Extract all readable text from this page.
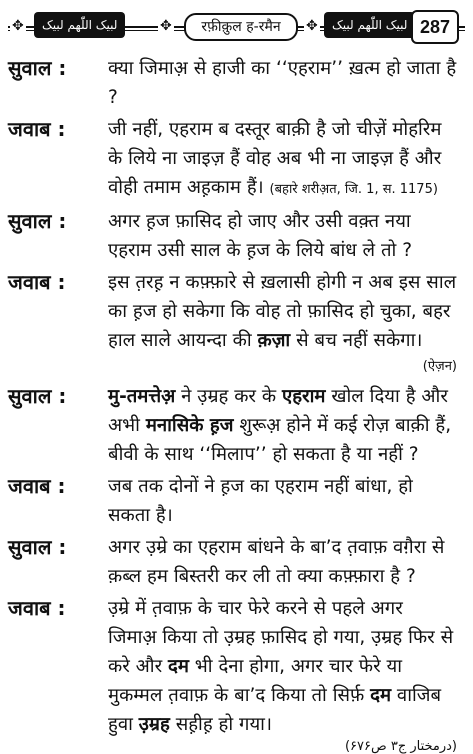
✥	✥	✥
لبیک اللّٰھم لبیک	रफ़ीक़ुल ह-रमैन	لبیک اللّٰھم لبیک 287
सुवाल :	क्या जिमाअ़ से हाजी का ‘‘एहराम’’ ख़त्म हो जाता है ?
जवाब :	जी नहीं, एहराम ब दस्तूर बाक़ी है जो चीज़ें मोहरिम के लिये ना जाइज़ हैं वोह अब भी ना जाइज़ हैं और वोही तमाम अह़काम हैं। (बहारे शरीअ़त, जि. 1, स. 1175)
सुवाल :	अगर ह़ज फ़ासिद हो जाए और उसी वक़्त नया एहराम उसी साल के ह़ज के लिये बांध ले तो ?
जवाब :	इस त़रह़ न कफ़्फ़ारे से ख़लासी होगी न अब इस साल का ह़ज हो सकेगा कि वोह तो फ़ासिद हो चुका, बहर हाल साले आयन्दा की क़ज़ा से बच नहीं सकेगा।
(ऐज़न)
सुवाल :	मु-तमत्तेअ़ ने उ़म्रह कर के एहराम खोल दिया है और अभी मनासिके ह़ज शुरूअ़ होने में कई रोज़ बाक़ी हैं, बीवी के साथ ‘‘मिलाप’’ हो सकता है या नहीं ?
जवाब :	जब तक दोनों ने ह़ज का एहराम नहीं बांधा, हो सकता है।
सुवाल :	अगर उ़म्रे का एहराम बांधने के बा’द त़वाफ़ वग़ैरा से क़ब्ल हम बिस्तरी कर ली तो क्या कफ़्फ़ारा है ?
जवाब :	उ़म्रे में त़वाफ़ के चार फेरे करने से पहले अगर जिमाअ़ किया तो उ़म्रह फ़ासिद हो गया, उ़म्रह फिर से करे और दम भी देना होगा, अगर चार फेरे या मुकम्मल त़वाफ़ के बा’द किया तो सिर्फ़ दम वाजिब हुवा उ़म्रह सह़ीह़ हो गया।
(درمختار ج۳ ص۶۷۶)
